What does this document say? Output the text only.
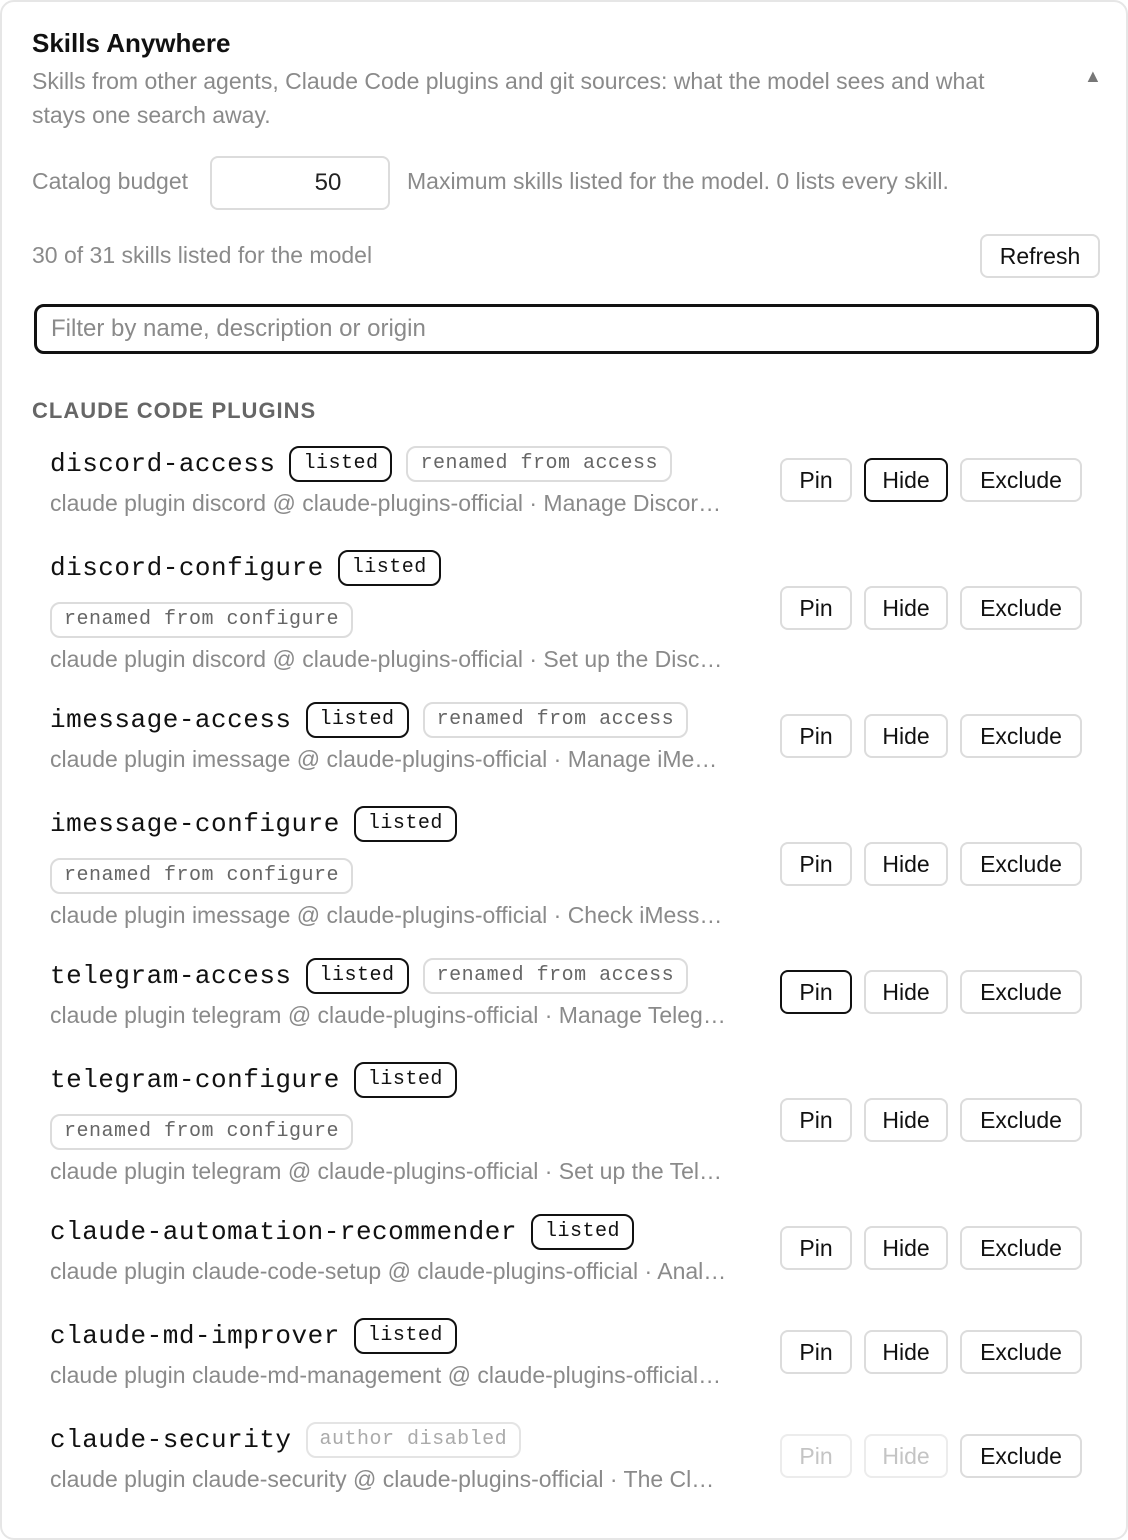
Skills Anywhere
Skills from other agents, Claude Code plugins and git sources: what the model sees and what stays one search away.
▲
Catalog budget
50	Maximum skills listed for the model. 0 lists every skill.
30 of 31 skills listed for the model	Refresh
Filter by name, description or origin
CLAUDE CODE PLUGINS
discord-access	listed	renamed from access
claude plugin discord @ claude-plugins-official · Manage Discor…
Pin	Hide	Exclude
discord-configure	listed
renamed from configure
claude plugin discord @ claude-plugins-official · Set up the Disc…
Pin	Hide	Exclude
imessage-access	listed	renamed from access
claude plugin imessage @ claude-plugins-official · Manage iMe…
Pin	Hide	Exclude
imessage-configure	listed
renamed from configure
claude plugin imessage @ claude-plugins-official · Check iMess…
Pin	Hide	Exclude
telegram-access	listed	renamed from access
claude plugin telegram @ claude-plugins-official · Manage Teleg…
Pin	Hide	Exclude
telegram-configure	listed
renamed from configure
claude plugin telegram @ claude-plugins-official · Set up the Tel…
Pin	Hide	Exclude
claude-automation-recommender	listed
claude plugin claude-code-setup @ claude-plugins-official · Anal…
Pin	Hide	Exclude
claude-md-improver	listed
claude plugin claude-md-management @ claude-plugins-official…
Pin	Hide	Exclude
claude-security	author disabled
claude plugin claude-security @ claude-plugins-official · The Cl…
Pin	Hide	Exclude
